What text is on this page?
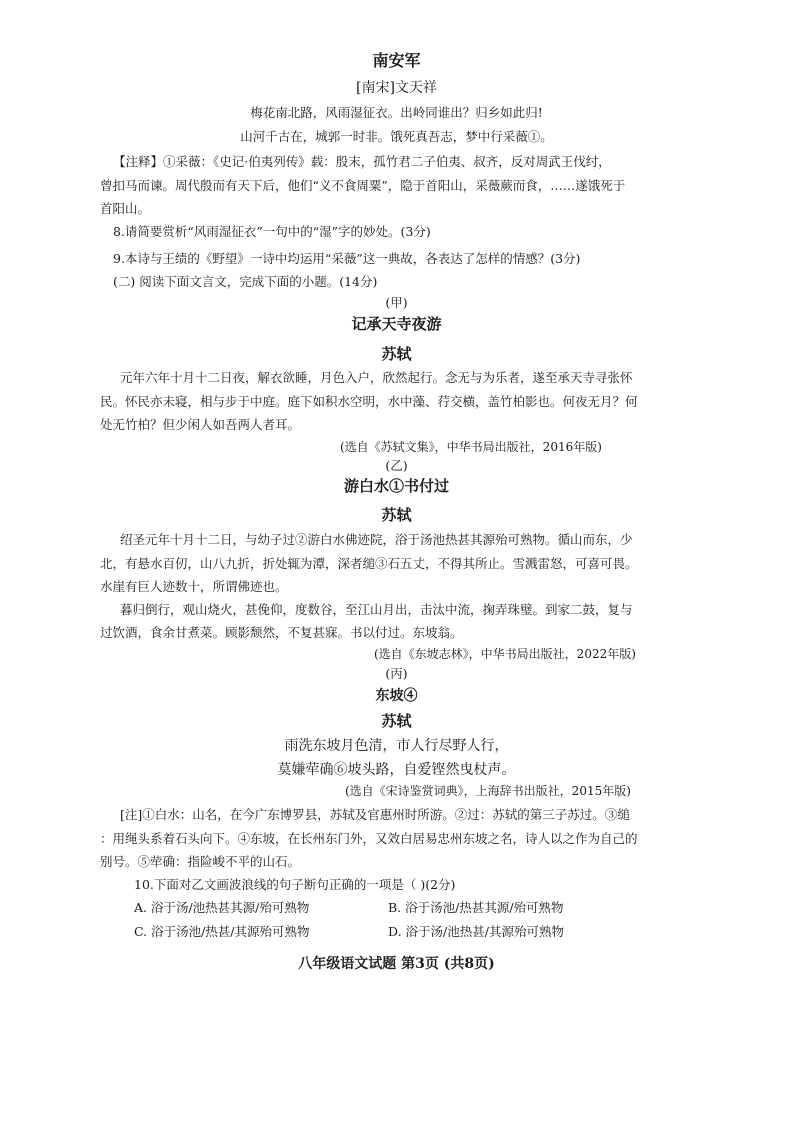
南安军
[南宋]文天祥
梅花南北路，风雨湿征衣。出岭同谁出？归乡如此归!
山河千古在，城郭一时非。饿死真吾志，梦中行采薇①。
【注释】①采薇：《史记·伯夷列传》载：殷末，孤竹君二子伯夷、叔齐，反对周武王伐纣，
曾扣马而谏。周代殷而有天下后，他们“义不食周粟”，隐于首阳山，采薇蕨而食，……遂饿死于
首阳山。
8.请简要赏析“风雨湿征衣”一句中的“湿”字的妙处。(3分)
9.本诗与王绩的《野望》一诗中均运用“采薇”这一典故，各表达了怎样的情感？(3分)
(二) 阅读下面文言文，完成下面的小题。(14分)
(甲)
记承天寺夜游
苏轼
元年六年十月十二日夜，解衣欲睡，月色入户，欣然起行。念无与为乐者，遂至承天寺寻张怀
民。怀民亦未寝，相与步于中庭。庭下如积水空明，水中藻、荇交横，盖竹柏影也。何夜无月？何
处无竹柏？但少闲人如吾两人者耳。
(选自《苏轼文集》，中华书局出版社，2016年版)
(乙)
游白水①书付过
苏轼
绍圣元年十月十二日，与幼子过②游白水佛迹院，浴于汤池热甚其源殆可熟物。循山而东，少
北，有悬水百仞，山八九折，折处辄为潭，深者缒③石五丈，不得其所止。雪溅雷怒，可喜可畏。
水崖有巨人迹数十，所谓佛迹也。
暮归倒行，观山烧火，甚俛仰，度数谷，至江山月出，击汰中流，掬弄珠璧。到家二鼓，复与
过饮酒，食余甘煮菜。顾影颓然，不复甚寐。书以付过。东坡翁。
(选自《东坡志林》，中华书局出版社，2022年版)
(丙)
东坡④
苏轼
雨洗东坡月色清，市人行尽野人行，
莫嫌荦确⑥坡头路，自爱铿然曳杖声。
(选自《宋诗鉴赏词典》，上海辞书出版社，2015年版)
[注]①白水：山名，在今广东博罗县，苏轼及官惠州时所游。②过：苏轼的第三子苏过。③缒
：用绳头系着石头向下。④东坡，在长州东门外，又效白居易忠州东坡之名，诗人以之作为自己的
别号。⑤荦确：指险峻不平的山石。
10.下面对乙文画波浪线的句子断句正确的一项是（ )(2分)
A. 浴于汤/池热甚其源/殆可熟物	B. 浴于汤池/热甚其源/殆可熟物
C. 浴于汤池/热甚/其源殆可熟物	D. 浴于汤/池热甚/其源殆可熟物
八年级语文试题 第3页 (共8页)
